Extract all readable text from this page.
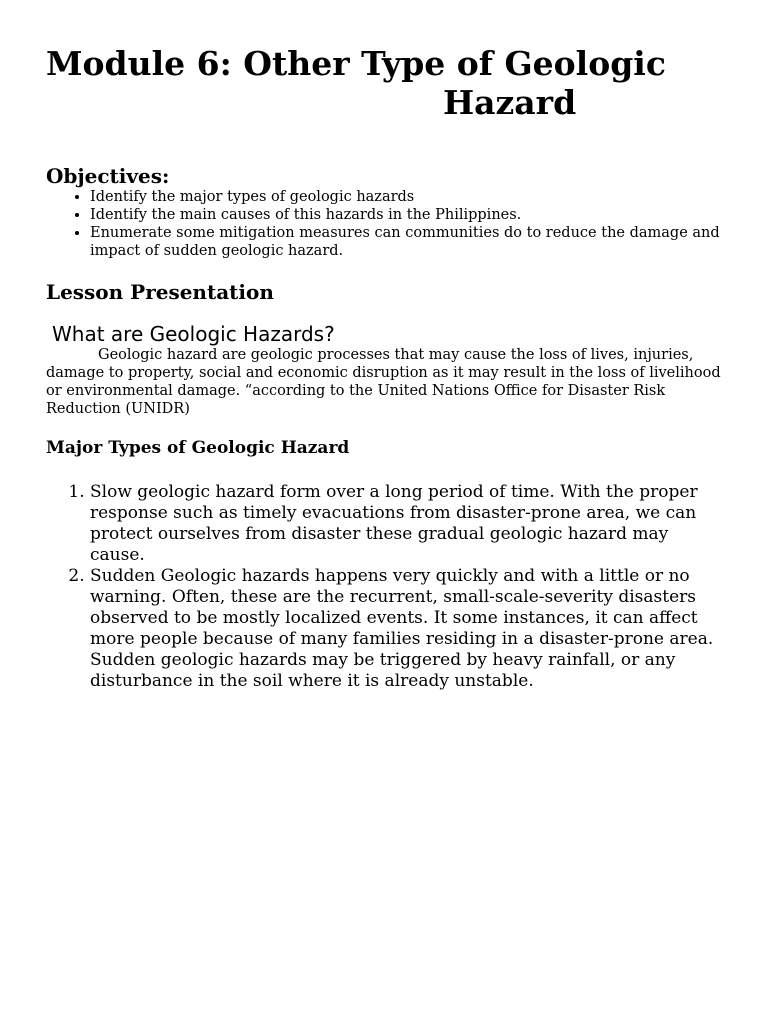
Module 6: Other Type of Geologic
Hazard
Objectives:
• Identify the major types of geologic hazards
• Identify the main causes of this hazards in the Philippines.
• Enumerate some mitigation measures can communities do to reduce the damage and impact of sudden geologic hazard.
Lesson Presentation
What are Geologic Hazards?

Geologic hazard are geologic processes that may cause the loss of lives, injuries, damage to property, social and economic disruption as it may result in the loss of livelihood or environmental damage. “according to the United Nations Office for Disaster Risk Reduction (UNIDR)

Major Types of Geologic Hazard
1. Slow geologic hazard form over a long period of time. With the proper response such as timely evacuations from disaster-prone area, we can protect ourselves from disaster these gradual geologic hazard may cause.
2. Sudden Geologic hazards happens very quickly and with a little or no warning. Often, these are the recurrent, small-scale-severity disasters observed to be mostly localized events. It some instances, it can affect more people because of many families residing in a disaster-prone area. Sudden geologic hazards may be triggered by heavy rainfall, or any disturbance in the soil where it is already unstable.
